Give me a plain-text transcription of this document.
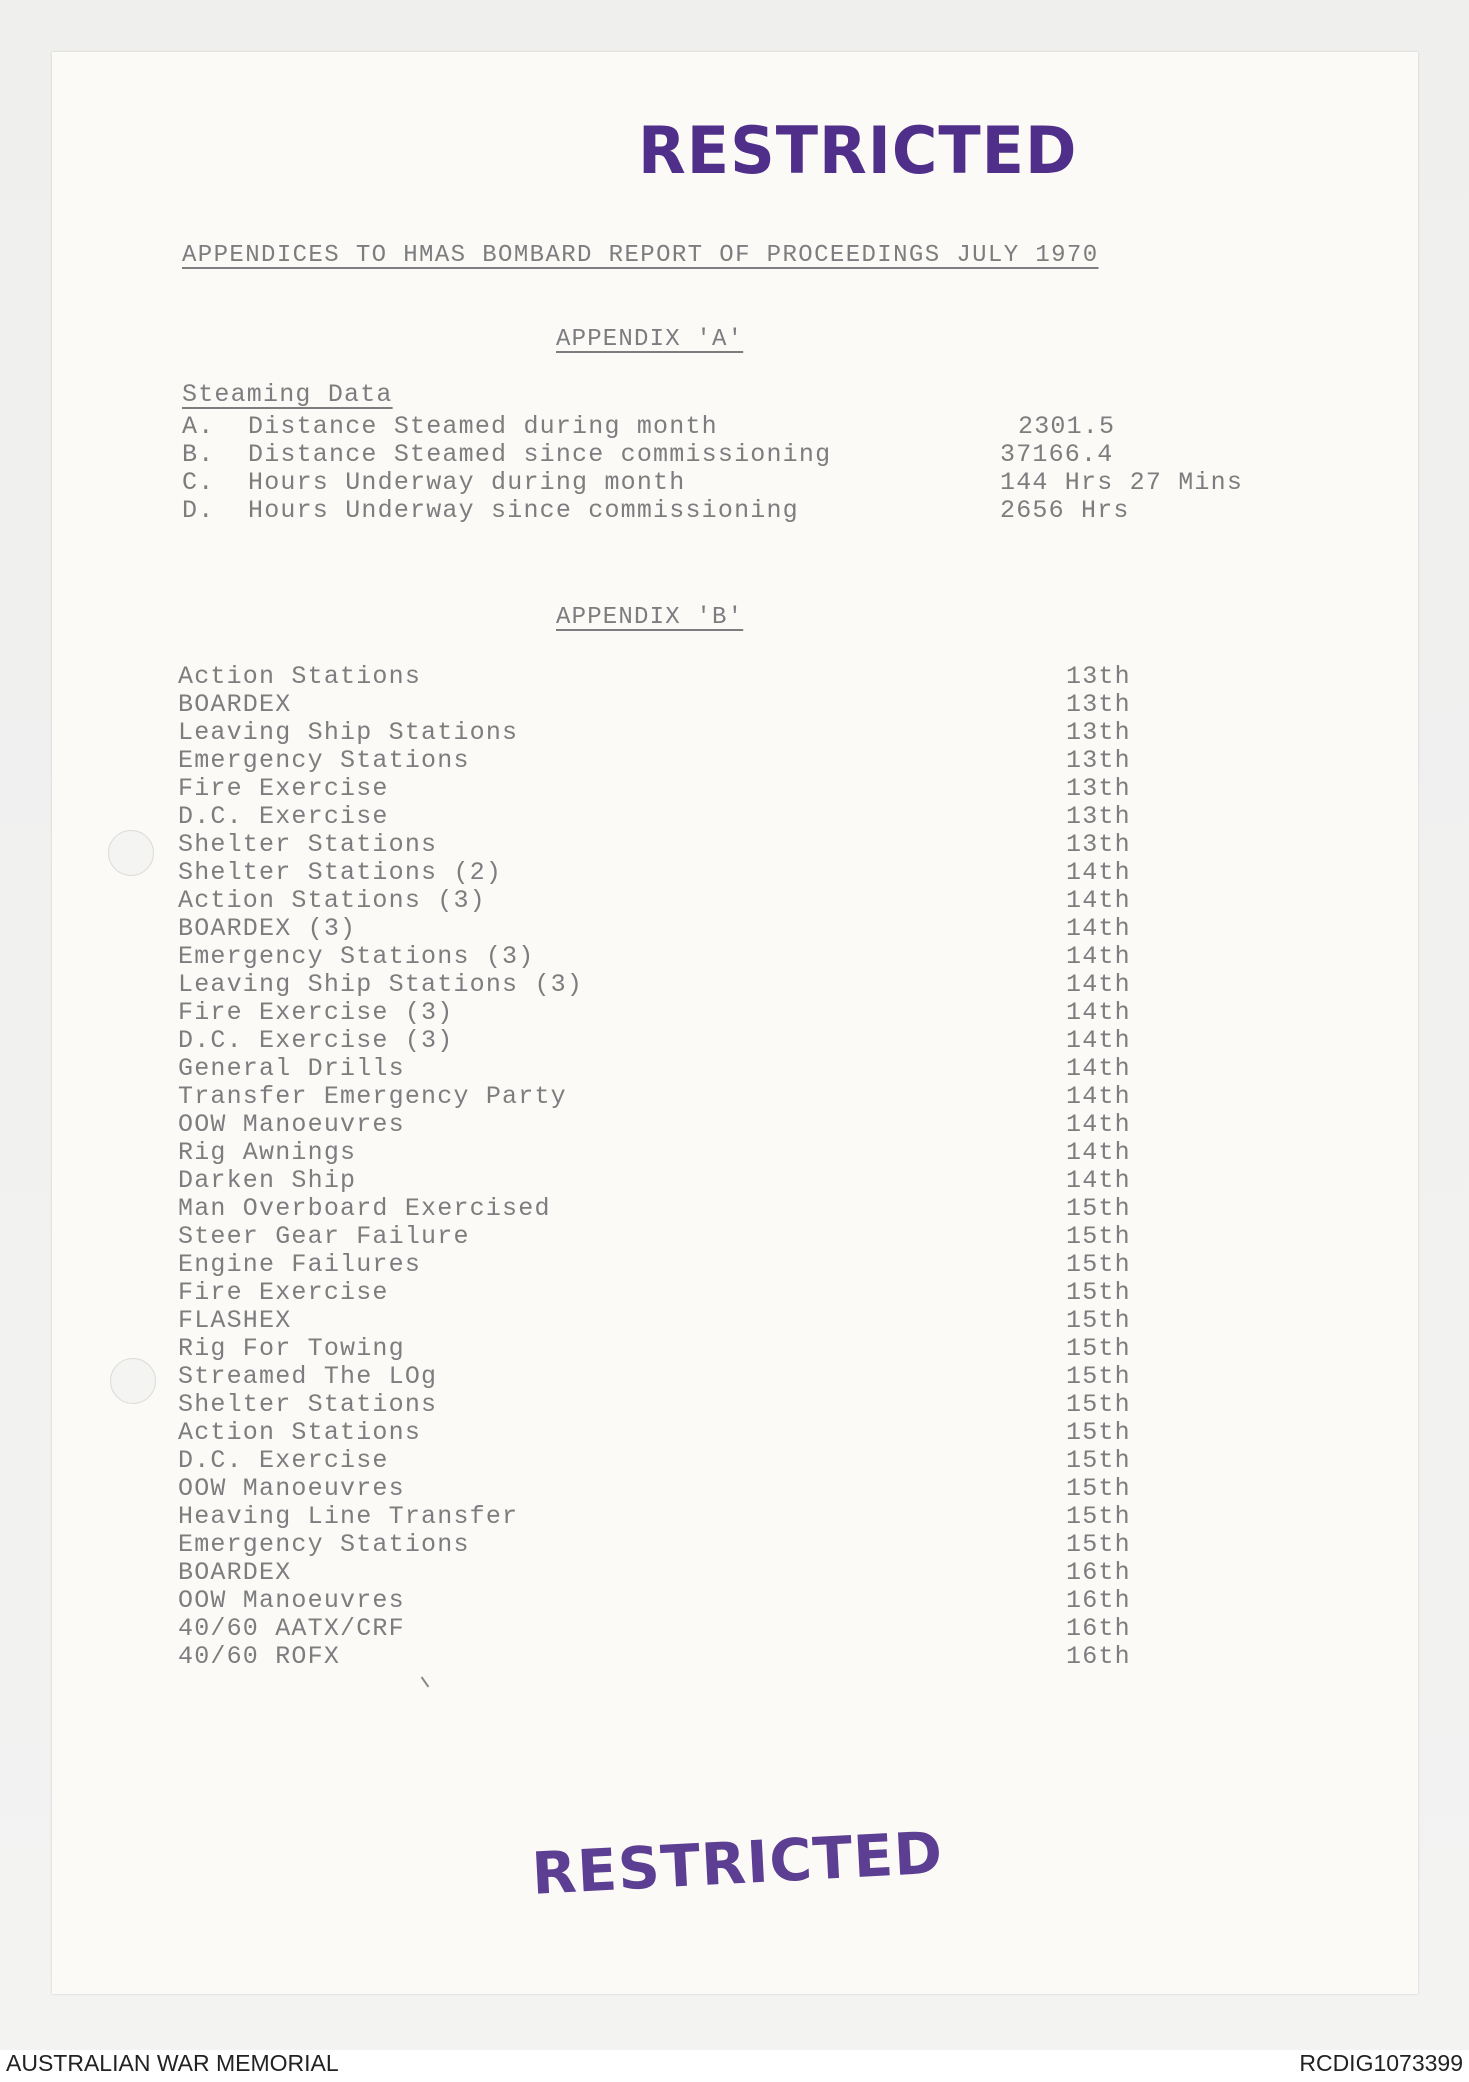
RESTRICTED
APPENDICES TO HMAS BOMBARD REPORT OF PROCEEDINGS JULY 1970
APPENDIX 'A'
Steaming Data
A. Distance Steamed during month	2301.5
B. Distance Steamed since commissioning	37166.4
C. Hours Underway during month	144 Hrs 27 Mins
D. Hours Underway since commissioning	2656 Hrs
APPENDIX 'B'
Action Stations	13th
BOARDEX	13th
Leaving Ship Stations	13th
Emergency Stations	13th
Fire Exercise	13th
D.C. Exercise	13th
Shelter Stations	13th
Shelter Stations (2)	14th
Action Stations (3)	14th
BOARDEX (3)	14th
Emergency Stations (3)	14th
Leaving Ship Stations (3)	14th
Fire Exercise (3)	14th
D.C. Exercise (3)	14th
General Drills	14th
Transfer Emergency Party	14th
OOW Manoeuvres	14th
Rig Awnings	14th
Darken Ship	14th
Man Overboard Exercised	15th
Steer Gear Failure	15th
Engine Failures	15th
Fire Exercise	15th
FLASHEX	15th
Rig For Towing	15th
Streamed The LOg	15th
Shelter Stations	15th
Action Stations	15th
D.C. Exercise	15th
OOW Manoeuvres	15th
Heaving Line Transfer	15th
Emergency Stations	15th
BOARDEX	16th
OOW Manoeuvres	16th
40/60 AATX/CRF	16th
40/60 ROFX	16th
RESTRICTED
AUSTRALIAN WAR MEMORIAL	RCDIG1073399
